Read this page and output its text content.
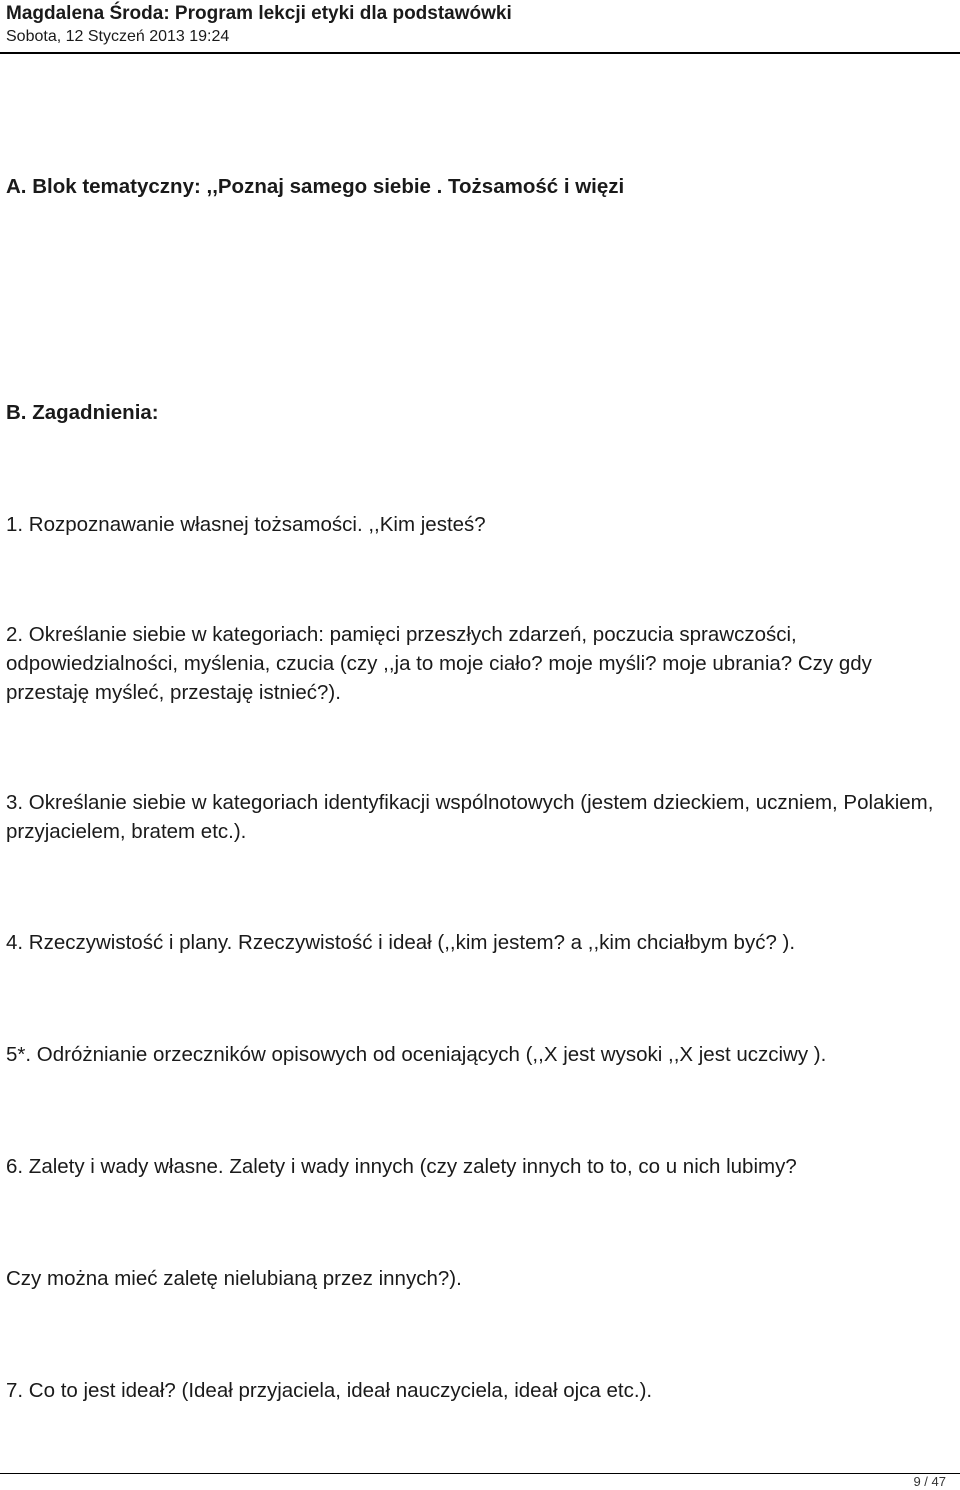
Magdalena Środa: Program lekcji etyki dla podstawówki
Sobota, 12 Styczeń 2013 19:24

A. Blok tematyczny: ,,Poznaj samego siebie . Tożsamość i więzi

B. Zagadnienia:

1. Rozpoznawanie własnej tożsamości. ,,Kim jesteś?

2. Określanie siebie w kategoriach: pamięci przeszłych zdarzeń, poczucia sprawczości, odpowiedzialności, myślenia, czucia (czy ,,ja to moje ciało? moje myśli? moje ubrania? Czy gdy przestaję myśleć, przestaję istnieć?).

3. Określanie siebie w kategoriach identyfikacji wspólnotowych (jestem dzieckiem, uczniem, Polakiem, przyjacielem, bratem etc.).

4. Rzeczywistość i plany. Rzeczywistość i ideał (,,kim jestem? a ,,kim chciałbym być? ).

5*. Odróżnianie orzeczników opisowych od oceniających (,,X jest wysoki ,,X jest uczciwy ).

6. Zalety i wady własne. Zalety i wady innych (czy zalety innych to to, co u nich lubimy?

Czy można mieć zaletę nielubianą przez innych?).

7. Co to jest ideał? (Ideał przyjaciela, ideał nauczyciela, ideał ojca etc.).

9 / 47
